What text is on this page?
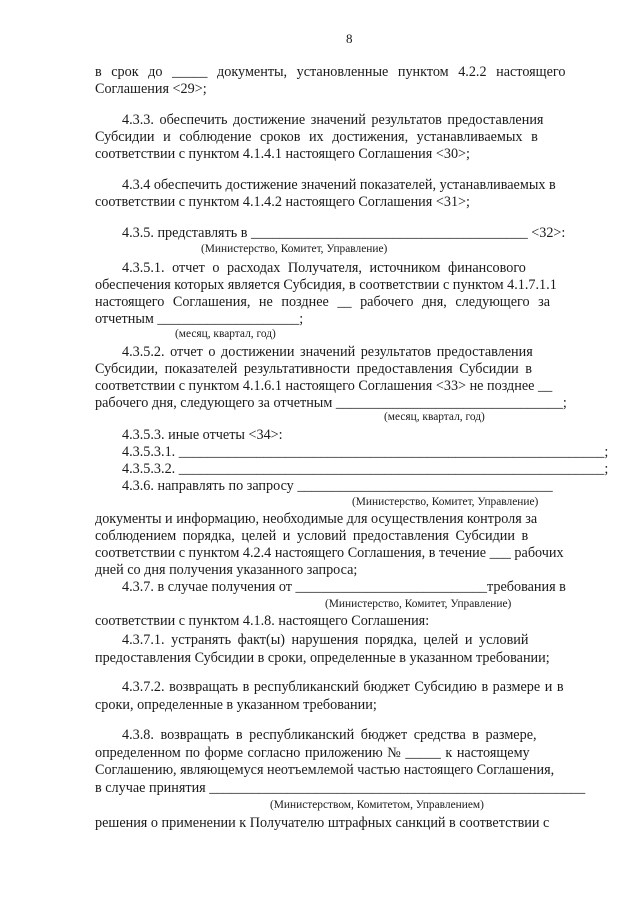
8
в срок до _____ документы, установленные пунктом 4.2.2 настоящего
Соглашения <29>;
4.3.3. обеспечить достижение значений результатов предоставления
Субсидии и соблюдение сроков их достижения, устанавливаемых в
соответствии с пунктом 4.1.4.1 настоящего Соглашения <30>;
4.3.4 обеспечить достижение значений показателей, устанавливаемых в
соответствии с пунктом 4.1.4.2 настоящего Соглашения <31>;
4.3.5. представлять в _______________________________________ <32>:
(Министерство, Комитет, Управление)
4.3.5.1. отчет о расходах Получателя, источником финансового
обеспечения которых является Субсидия, в соответствии с пунктом 4.1.7.1.1
настоящего Соглашения, не позднее __ рабочего дня, следующего за
отчетным ____________________;
(месяц, квартал, год)
4.3.5.2. отчет о достижении значений результатов предоставления
Субсидии, показателей результативности предоставления Субсидии в
соответствии с пунктом 4.1.6.1 настоящего Соглашения <33> не позднее __
рабочего дня, следующего за отчетным ________________________________;
(месяц, квартал, год)
4.3.5.3. иные отчеты <34>:
4.3.5.3.1. ____________________________________________________________;
4.3.5.3.2. ____________________________________________________________;
4.3.6. направлять по запросу ____________________________________
(Министерство, Комитет, Управление)
документы и информацию, необходимые для осуществления контроля за
соблюдением порядка, целей и условий предоставления Субсидии в
соответствии с пунктом 4.2.4 настоящего Соглашения, в течение ___ рабочих
дней со дня получения указанного запроса;
4.3.7. в случае получения от ___________________________требования в
(Министерство, Комитет, Управление)
соответствии с пунктом 4.1.8. настоящего Соглашения:
4.3.7.1. устранять факт(ы) нарушения порядка, целей и условий
предоставления Субсидии в сроки, определенные в указанном требовании;
4.3.7.2. возвращать в республиканский бюджет Субсидию в размере и в
сроки, определенные в указанном требовании;
4.3.8. возвращать в республиканский бюджет средства в размере,
определенном по форме согласно приложению № _____ к настоящему
Соглашению, являющемуся неотъемлемой частью настоящего Соглашения,
в случае принятия _____________________________________________________
(Министерством, Комитетом, Управлением)
решения о применении к Получателю штрафных санкций в соответствии с
